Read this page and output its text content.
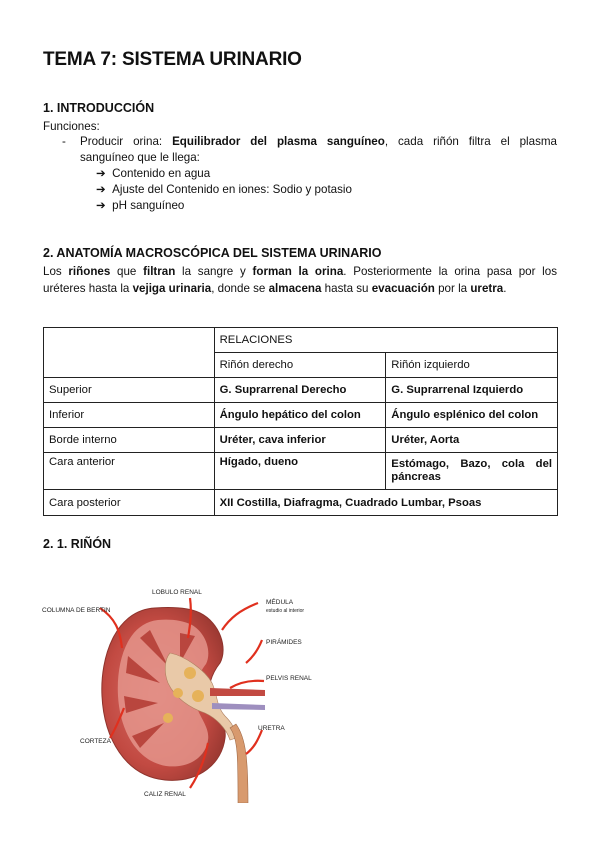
TEMA 7: SISTEMA URINARIO
1. INTRODUCCIÓN
Funciones:
- Producir orina: Equilibrador del plasma sanguíneo, cada riñón filtra el plasma
sanguíneo que le llega:
➔ Contenido en agua
➔ Ajuste del Contenido en iones: Sodio y potasio
➔ pH sanguíneo
2. ANATOMÍA MACROSCÓPICA DEL SISTEMA URINARIO
Los riñones que filtran la sangre y forman la orina. Posteriormente la orina pasa por los
uréteres hasta la vejiga urinaria, donde se almacena hasta su evacuación por la uretra.
	RELACIONES	
	Riñón derecho	Riñón izquierdo
Superior	G. Suprarrenal Derecho	G. Suprarrenal Izquierdo
Inferior	Ángulo hepático del colon	Ángulo esplénico del colon
Borde interno	Uréter, cava inferior	Uréter, Aorta
Cara anterior	Hígado, dueno	Estómago, Bazo, cola del páncreas
Cara posterior	XII Costilla, Diafragma, Cuadrado Lumbar, Psoas	
2. 1. RIÑÓN
LOBULO RENAL
MÉDULA
estudio al interior
COLUMNA DE BERTIN
PIRÁMIDES
PELVIS RENAL
CORTEZA
URETRA
CALIZ RENAL
